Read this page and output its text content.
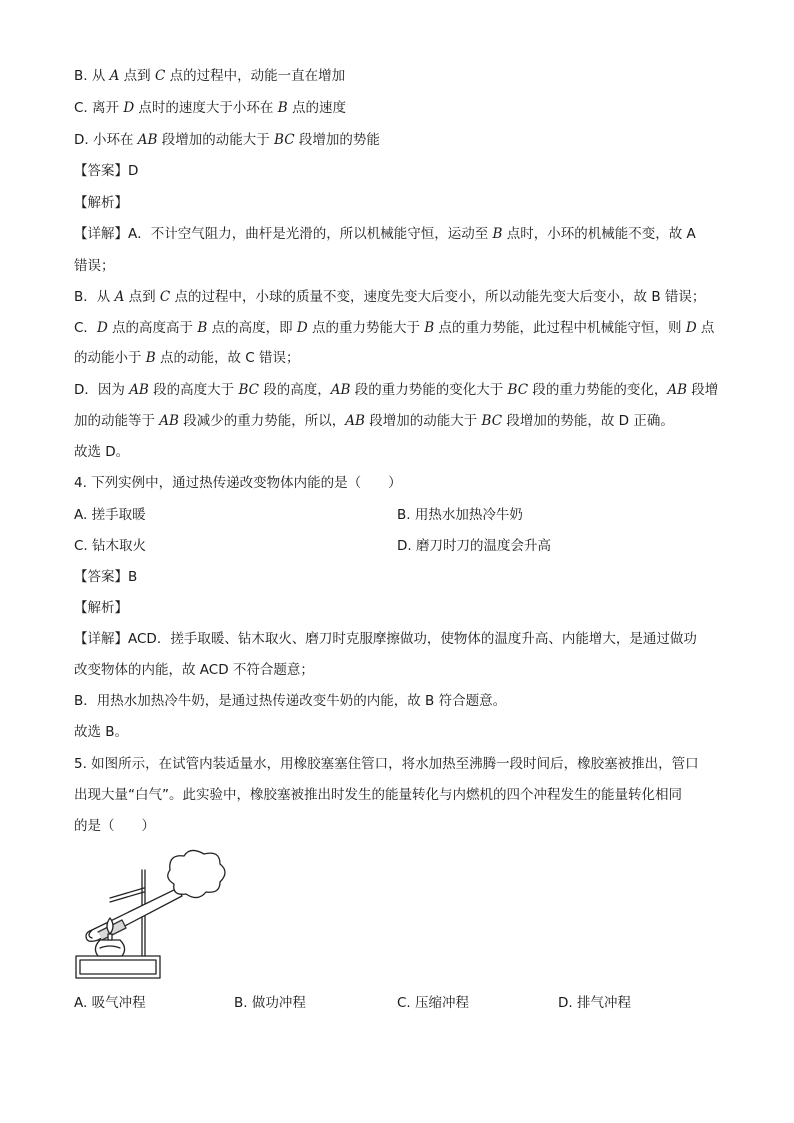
B. 从 A 点到 C 点的过程中，动能一直在增加
C. 离开 D 点时的速度大于小环在 B 点的速度
D. 小环在 AB 段增加的动能大于 BC 段增加的势能
【答案】D
【解析】
【详解】A．不计空气阻力，曲杆是光滑的，所以机械能守恒，运动至 B 点时，小环的机械能不变，故 A
错误；
B．从 A 点到 C 点的过程中，小球的质量不变，速度先变大后变小，所以动能先变大后变小，故 B 错误；
C．D 点的高度高于 B 点的高度，即 D 点的重力势能大于 B 点的重力势能，此过程中机械能守恒，则 D 点
的动能小于 B 点的动能，故 C 错误；
D．因为 AB 段的高度大于 BC 段的高度，AB 段的重力势能的变化大于 BC 段的重力势能的变化，AB 段增
加的动能等于 AB 段减少的重力势能，所以，AB 段增加的动能大于 BC 段增加的势能，故 D 正确。
故选 D。
4. 下列实例中，通过热传递改变物体内能的是（　　）
A. 搓手取暖	B. 用热水加热冷牛奶
C. 钻木取火	D. 磨刀时刀的温度会升高
【答案】B
【解析】
【详解】ACD．搓手取暖、钻木取火、磨刀时克服摩擦做功，使物体的温度升高、内能增大，是通过做功
改变物体的内能，故 ACD 不符合题意；
B．用热水加热冷牛奶，是通过热传递改变牛奶的内能，故 B 符合题意。
故选 B。
5. 如图所示，在试管内装适量水，用橡胶塞塞住管口，将水加热至沸腾一段时间后，橡胶塞被推出，管口
出现大量“白气”。此实验中，橡胶塞被推出时发生的能量转化与内燃机的四个冲程发生的能量转化相同
的是（　　）
A. 吸气冲程	B. 做功冲程	C. 压缩冲程	D. 排气冲程
